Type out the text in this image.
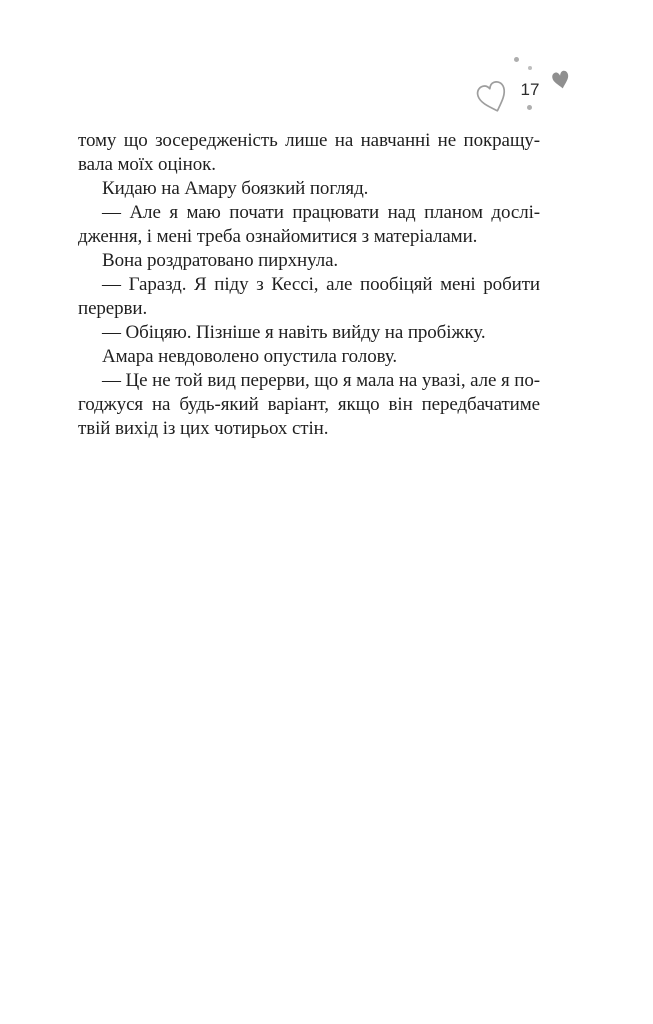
17
тому що зосередженість лише на навчанні не покращу-
вала моїх оцінок.
Кидаю на Амару боязкий погляд.
— Але я маю почати працювати над планом дослі-
дження, і мені треба ознайомитися з матеріалами.
Вона роздратовано пирхнула.
— Гаразд. Я піду з Кессі, але пообіцяй мені робити
перерви.
— Обіцяю. Пізніше я навіть вийду на пробіжку.
Амара невдоволено опустила голову.
— Це не той вид перерви, що я мала на увазі, але я по-
годжуся на будь-який варіант, якщо він передбачатиме
твій вихід із цих чотирьох стін.
